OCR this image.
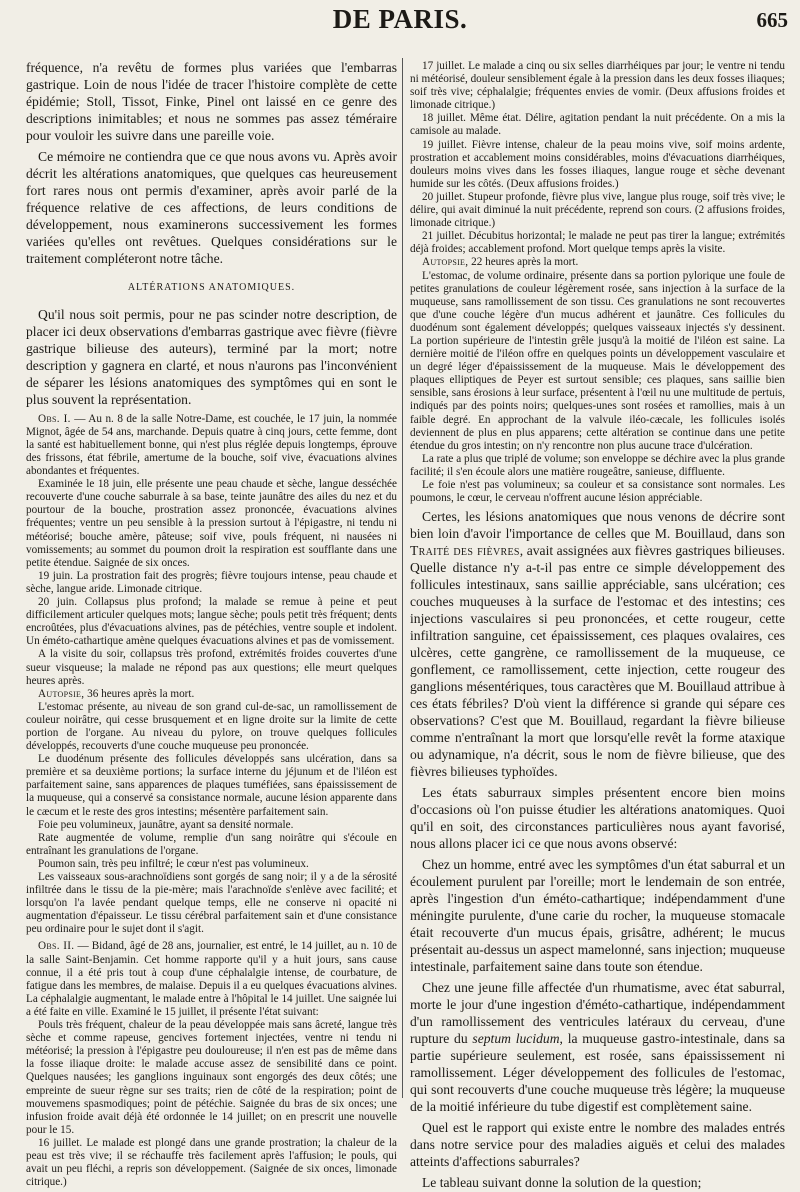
DE PARIS.	665

fréquence, n'a revêtu de formes plus variées que l'embarras gastrique. Loin de nous l'idée de tracer l'histoire complète de cette épidémie; Stoll, Tissot, Finke, Pinel ont laissé en ce genre des descriptions inimitables; et nous ne sommes pas assez téméraire pour vouloir les suivre dans une pareille voie.

Ce mémoire ne contiendra que ce que nous avons vu. Après avoir décrit les altérations anatomiques, que quelques cas heureusement fort rares nous ont permis d'examiner, après avoir parlé de la fréquence relative de ces affections, de leurs conditions de développement, nous examinerons successivement les formes variées qu'elles ont revêtues. Quelques considérations sur le traitement compléteront notre tâche.

ALTÉRATIONS ANATOMIQUES.

Qu'il nous soit permis, pour ne pas scinder notre description, de placer ici deux observations d'embarras gastrique avec fièvre (fièvre gastrique bilieuse des auteurs), terminé par la mort; notre description y gagnera en clarté, et nous n'aurons pas l'inconvénient de séparer les lésions anatomiques des symptômes qui en sont le plus souvent la représentation.

Obs. I. — Au n. 8 de la salle Notre-Dame, est couchée, le 17 juin, la nommée Mignot, âgée de 54 ans, marchande. Depuis quatre à cinq jours, cette femme, dont la santé est habituellement bonne, qui n'est plus réglée depuis longtemps, éprouve des frissons, état fébrile, amertume de la bouche, soif vive, évacuations alvines abondantes et fréquentes.

Examinée le 18 juin, elle présente une peau chaude et sèche, langue desséchée recouverte d'une couche saburrale à sa base, teinte jaunâtre des ailes du nez et du pourtour de la bouche, prostration assez prononcée, évacuations alvines fréquentes; ventre un peu sensible à la pression surtout à l'épigastre, ni tendu ni météorisé; bouche amère, pâteuse; soif vive, pouls fréquent, ni nausées ni vomissements; au sommet du poumon droit la respiration est soufflante dans une petite étendue. Saignée de six onces.

19 juin. La prostration fait des progrès; fièvre toujours intense, peau chaude et sèche, langue aride. Limonade citrique.

20 juin. Collapsus plus profond; la malade se remue à peine et peut difficilement articuler quelques mots; langue sèche; pouls petit très fréquent; dents encroûtées, plus d'évacuations alvines, pas de pétéchies, ventre souple et indolent. Un éméto-cathartique amène quelques évacuations alvines et pas de vomissement.

A la visite du soir, collapsus très profond, extrémités froides couvertes d'une sueur visqueuse; la malade ne répond pas aux questions; elle meurt quelques heures après.

Autopsie, 36 heures après la mort.

L'estomac présente, au niveau de son grand cul-de-sac, un ramollissement de couleur noirâtre, qui cesse brusquement et en ligne droite sur la limite de cette portion de l'organe. Au niveau du pylore, on trouve quelques follicules développés, recouverts d'une couche muqueuse peu prononcée.

Le duodénum présente des follicules développés sans ulcération, dans sa première et sa deuxième portions; la surface interne du jéjunum et de l'iléon est parfaitement saine, sans apparences de plaques tuméfiées, sans épaississement de la muqueuse, qui a conservé sa consistance normale, aucune lésion apparente dans le cæcum et le reste des gros intestins; mésentère parfaitement sain.

Foie peu volumineux, jaunâtre, ayant sa densité normale.

Rate augmentée de volume, remplie d'un sang noirâtre qui s'écoule en entraînant les granulations de l'organe.

Poumon sain, très peu infiltré; le cœur n'est pas volumineux.

Les vaisseaux sous-arachnoïdiens sont gorgés de sang noir; il y a de la sérosité infiltrée dans le tissu de la pie-mère; mais l'arachnoïde s'enlève avec facilité; et lorsqu'on l'a lavée pendant quelque temps, elle ne conserve ni opacité ni augmentation d'épaisseur. Le tissu cérébral parfaitement sain et d'une consistance peu ordinaire pour le sujet dont il s'agit.

Obs. II. — Bidand, âgé de 28 ans, journalier, est entré, le 14 juillet, au n. 10 de la salle Saint-Benjamin. Cet homme rapporte qu'il y a huit jours, sans cause connue, il a été pris tout à coup d'une céphalalgie intense, de courbature, de fatigue dans les membres, de malaise. Depuis il a eu quelques évacuations alvines. La céphalalgie augmentant, le malade entre à l'hôpital le 14 juillet. Une saignée lui a été faite en ville. Examiné le 15 juillet, il présente l'état suivant:

Pouls très fréquent, chaleur de la peau développée mais sans âcreté, langue très sèche et comme rapeuse, gencives fortement injectées, ventre ni tendu ni météorisé; la pression à l'épigastre peu douloureuse; il n'en est pas de même dans la fosse iliaque droite: le malade accuse assez de sensibilité dans ce point. Quelques nausées; les ganglions inguinaux sont engorgés des deux côtés; une empreinte de sueur règne sur ses traits; rien de côté de la respiration; point de mouvemens spasmodiques; point de pétéchie. Saignée du bras de six onces; une infusion froide avait déjà été ordonnée le 14 juillet; on en prescrit une nouvelle pour le 15.

16 juillet. Le malade est plongé dans une grande prostration; la chaleur de la peau est très vive; il se réchauffe très facilement après l'affusion; le pouls, qui avait un peu fléchi, a repris son développement. (Saignée de six onces, limonade citrique.)

17 juillet. Le malade a cinq ou six selles diarrhéiques par jour; le ventre ni tendu ni météorisé, douleur sensiblement égale à la pression dans les deux fosses iliaques; soif très vive; céphalalgie; fréquentes envies de vomir. (Deux affusions froides et limonade citrique.)

18 juillet. Même état. Délire, agitation pendant la nuit précédente. On a mis la camisole au malade.

19 juillet. Fièvre intense, chaleur de la peau moins vive, soif moins ardente, prostration et accablement moins considérables, moins d'évacuations diarrhéiques, douleurs moins vives dans les fosses iliaques, langue rouge et sèche devenant humide sur les côtés. (Deux affusions froides.)

20 juillet. Stupeur profonde, fièvre plus vive, langue plus rouge, soif très vive; le délire, qui avait diminué la nuit précédente, reprend son cours. (2 affusions froides, limonade citrique.)

21 juillet. Décubitus horizontal; le malade ne peut pas tirer la langue; extrémités déjà froides; accablement profond. Mort quelque temps après la visite.

Autopsie, 22 heures après la mort.

L'estomac, de volume ordinaire, présente dans sa portion pylorique une foule de petites granulations de couleur légèrement rosée, sans injection à la surface de la muqueuse, sans ramollissement de son tissu. Ces granulations ne sont recouvertes que d'une couche légère d'un mucus adhérent et jaunâtre. Ces follicules du duodénum sont également développés; quelques vaisseaux injectés s'y dessinent. La portion supérieure de l'intestin grêle jusqu'à la moitié de l'iléon est saine. La dernière moitié de l'iléon offre en quelques points un développement vasculaire et un degré léger d'épaississement de la muqueuse. Mais le développement des plaques elliptiques de Peyer est surtout sensible; ces plaques, sans saillie bien sensible, sans érosions à leur surface, présentent à l'œil nu une multitude de pertuis, indiqués par des points noirs; quelques-unes sont rosées et ramollies, mais à un faible degré. En approchant de la valvule iléo-cæcale, les follicules isolés deviennent de plus en plus apparens; cette altération se continue dans une petite étendue du gros intestin; on n'y rencontre non plus aucune trace d'ulcération.

La rate a plus que triplé de volume; son enveloppe se déchire avec la plus grande facilité; il s'en écoule alors une matière rougeâtre, sanieuse, diffluente.

Le foie n'est pas volumineux; sa couleur et sa consistance sont normales. Les poumons, le cœur, le cerveau n'offrent aucune lésion appréciable.

Certes, les lésions anatomiques que nous venons de décrire sont bien loin d'avoir l'importance de celles que M. Bouillaud, dans son Traité des fièvres, avait assignées aux fièvres gastriques bilieuses. Quelle distance n'y a-t-il pas entre ce simple développement des follicules intestinaux, sans saillie appréciable, sans ulcération; ces couches muqueuses à la surface de l'estomac et des intestins; ces injections vasculaires si peu prononcées, et cette rougeur, cette infiltration sanguine, cet épaississement, ces plaques ovalaires, ces ulcères, cette gangrène, ce ramollissement de la muqueuse, ce gonflement, ce ramollissement, cette injection, cette rougeur des ganglions mésentériques, tous caractères que M. Bouillaud attribue à ces états fébriles? D'où vient la différence si grande qui sépare ces observations? C'est que M. Bouillaud, regardant la fièvre bilieuse comme n'entraînant la mort que lorsqu'elle revêt la forme ataxique ou adynamique, n'a décrit, sous le nom de fièvre bilieuse, que des fièvres bilieuses typhoïdes.

Les états saburraux simples présentent encore bien moins d'occasions où l'on puisse étudier les altérations anatomiques. Quoi qu'il en soit, des circonstances particulières nous ayant favorisé, nous allons placer ici ce que nous avons observé:

Chez un homme, entré avec les symptômes d'un état saburral et un écoulement purulent par l'oreille; mort le lendemain de son entrée, après l'ingestion d'un éméto-cathartique; indépendamment d'une méningite purulente, d'une carie du rocher, la muqueuse stomacale était recouverte d'un mucus épais, grisâtre, adhérent; le mucus présentait au-dessus un aspect mamelonné, sans injection; muqueuse intestinale, parfaitement saine dans toute son étendue.

Chez une jeune fille affectée d'un rhumatisme, avec état saburral, morte le jour d'une ingestion d'éméto-cathartique, indépendamment d'un ramollissement des ventricules latéraux du cerveau, d'une rupture du septum lucidum, la muqueuse gastro-intestinale, dans sa partie supérieure seulement, est rosée, sans épaississement ni ramollissement. Léger développement des follicules de l'estomac, qui sont recouverts d'une couche muqueuse très légère; la muqueuse de la moitié inférieure du tube digestif est complètement saine.

Quel est le rapport qui existe entre le nombre des malades entrés dans notre service pour des maladies aiguës et celui des malades atteints d'affections saburrales?

Le tableau suivant donne la solution de la question;
